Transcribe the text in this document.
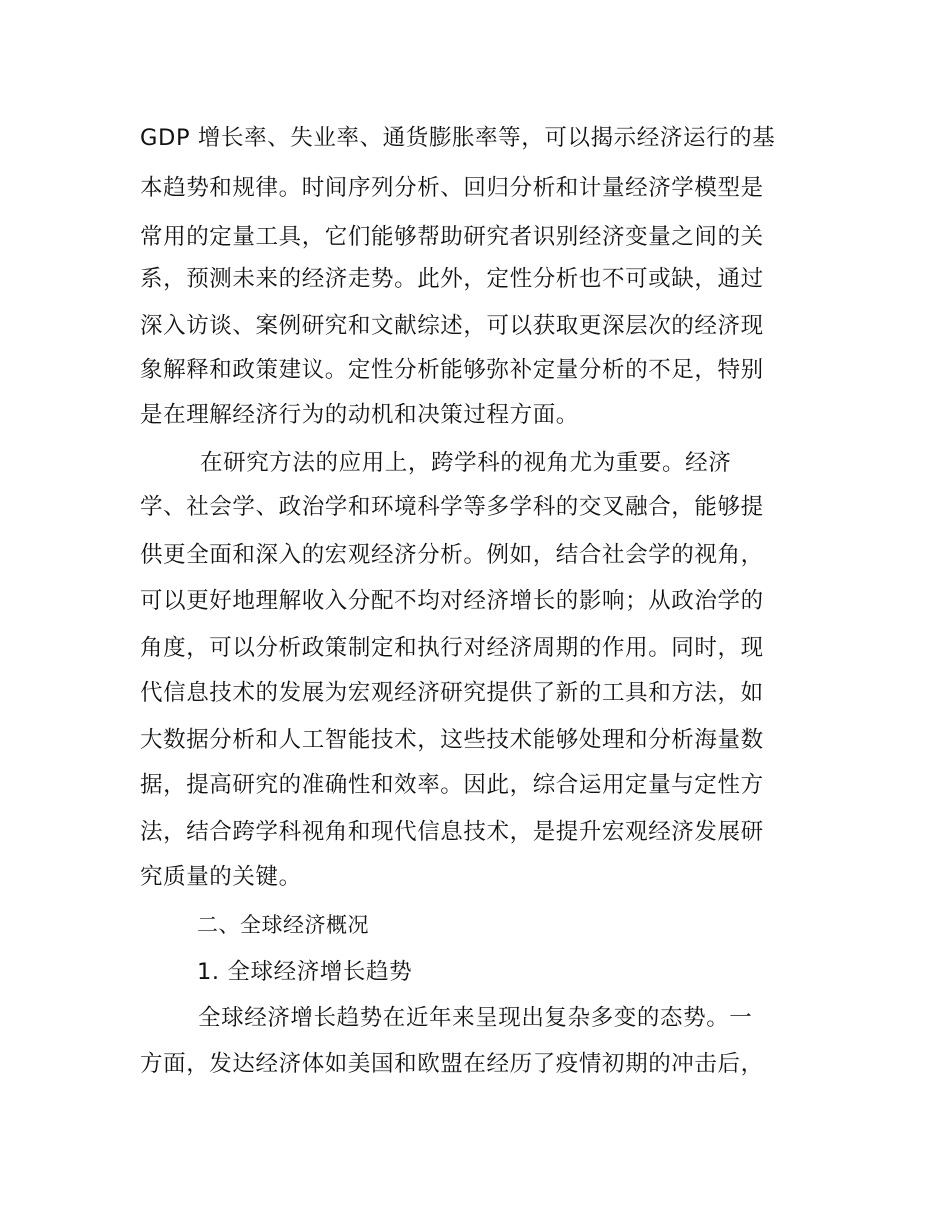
GDP 增长率、失业率、通货膨胀率等，可以揭示经济运行的基
本趋势和规律。时间序列分析、回归分析和计量经济学模型是
常用的定量工具，它们能够帮助研究者识别经济变量之间的关
系，预测未来的经济走势。此外，定性分析也不可或缺，通过
深入访谈、案例研究和文献综述，可以获取更深层次的经济现
象解释和政策建议。定性分析能够弥补定量分析的不足，特别
是在理解经济行为的动机和决策过程方面。
在研究方法的应用上，跨学科的视角尤为重要。经济
学、社会学、政治学和环境科学等多学科的交叉融合，能够提
供更全面和深入的宏观经济分析。例如，结合社会学的视角，
可以更好地理解收入分配不均对经济增长的影响；从政治学的
角度，可以分析政策制定和执行对经济周期的作用。同时，现
代信息技术的发展为宏观经济研究提供了新的工具和方法，如
大数据分析和人工智能技术，这些技术能够处理和分析海量数
据，提高研究的准确性和效率。因此，综合运用定量与定性方
法，结合跨学科视角和现代信息技术，是提升宏观经济发展研
究质量的关键。
二、全球经济概况
1. 全球经济增长趋势
全球经济增长趋势在近年来呈现出复杂多变的态势。一
方面，发达经济体如美国和欧盟在经历了疫情初期的冲击后，
